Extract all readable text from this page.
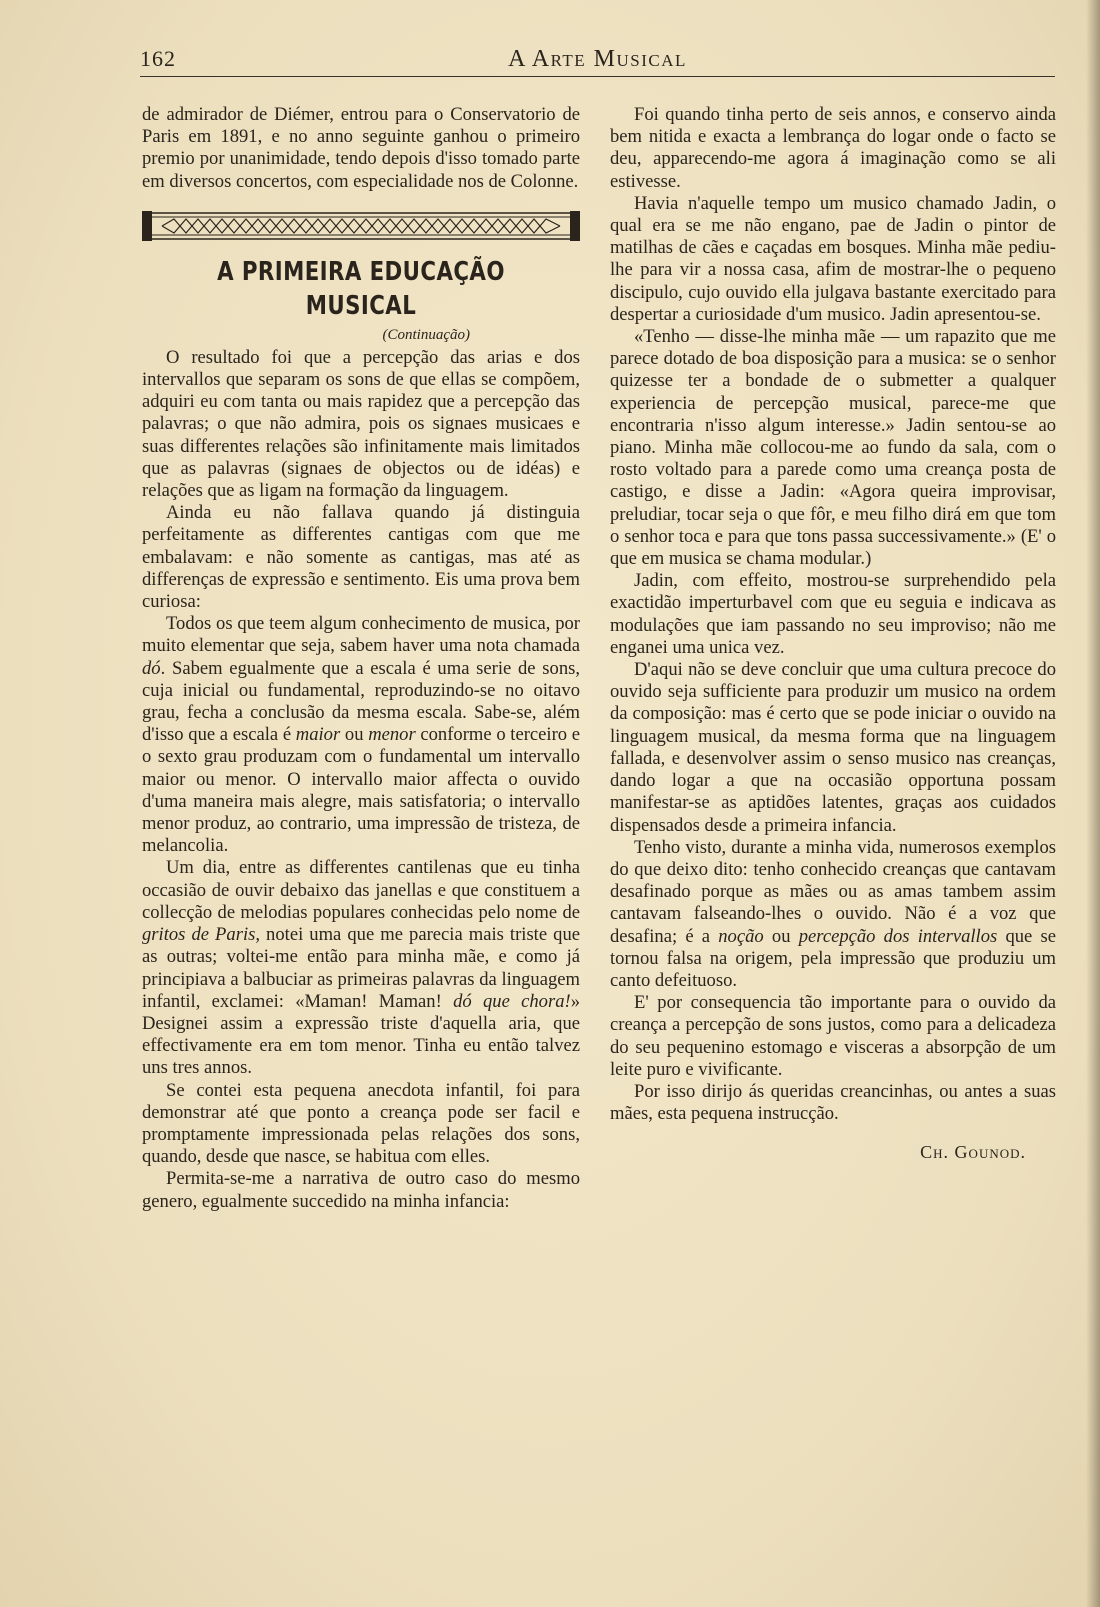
162	A Arte Musical

de admirador de Diémer, entrou para o Conservatorio de Paris em 1891, e no anno seguinte ganhou o primeiro premio por unanimidade, tendo depois d'isso tomado parte em diversos concertos, com especialidade nos de Colonne.

A PRIMEIRA EDUCAÇÃO MUSICAL
(Continuação)

O resultado foi que a percepção das arias e dos intervallos que separam os sons de que ellas se compõem, adquiri eu com tanta ou mais rapidez que a percepção das palavras; o que não admira, pois os signaes musicaes e suas differentes relações são infinitamente mais limitados que as palavras (signaes de objectos ou de idéas) e relações que as ligam na formação da linguagem.

Ainda eu não fallava quando já distinguia perfeitamente as differentes cantigas com que me embalavam: e não somente as cantigas, mas até as differenças de expressão e sentimento. Eis uma prova bem curiosa:

Todos os que teem algum conhecimento de musica, por muito elementar que seja, sabem haver uma nota chamada dó. Sabem egualmente que a escala é uma serie de sons, cuja inicial ou fundamental, reproduzindo-se no oitavo grau, fecha a conclusão da mesma escala. Sabe-se, além d'isso que a escala é maior ou menor conforme o terceiro e o sexto grau produzam com o fundamental um intervallo maior ou menor. O intervallo maior affecta o ouvido d'uma maneira mais alegre, mais satisfatoria; o intervallo menor produz, ao contrario, uma impressão de tristeza, de melancolia.

Um dia, entre as differentes cantilenas que eu tinha occasião de ouvir debaixo das janellas e que constituem a collecção de melodias populares conhecidas pelo nome de gritos de Paris, notei uma que me parecia mais triste que as outras; voltei-me então para minha mãe, e como já principiava a balbuciar as primeiras palavras da linguagem infantil, exclamei: «Maman! Maman! dó que chora!» Designei assim a expressão triste d'aquella aria, que effectivamente era em tom menor. Tinha eu então talvez uns tres annos.

Se contei esta pequena anecdota infantil, foi para demonstrar até que ponto a creança pode ser facil e promptamente impressionada pelas relações dos sons, quando, desde que nasce, se habitua com elles.

Permita-se-me a narrativa de outro caso do mesmo genero, egualmente succedido na minha infancia:

Foi quando tinha perto de seis annos, e conservo ainda bem nitida e exacta a lembrança do logar onde o facto se deu, apparecendo-me agora á imaginação como se ali estivesse.

Havia n'aquelle tempo um musico chamado Jadin, o qual era se me não engano, pae de Jadin o pintor de matilhas de cães e caçadas em bosques. Minha mãe pediu-lhe para vir a nossa casa, afim de mostrar-lhe o pequeno discipulo, cujo ouvido ella julgava bastante exercitado para despertar a curiosidade d'um musico. Jadin apresentou-se.

«Tenho — disse-lhe minha mãe — um rapazito que me parece dotado de boa disposição para a musica: se o senhor quizesse ter a bondade de o submetter a qualquer experiencia de percepção musical, parece-me que encontraria n'isso algum interesse.» Jadin sentou-se ao piano. Minha mãe collocou-me ao fundo da sala, com o rosto voltado para a parede como uma creança posta de castigo, e disse a Jadin: «Agora queira improvisar, preludiar, tocar seja o que fôr, e meu filho dirá em que tom o senhor toca e para que tons passa successivamente.» (E' o que em musica se chama modular.)

Jadin, com effeito, mostrou-se surprehendido pela exactidão imperturbavel com que eu seguia e indicava as modulações que iam passando no seu improviso; não me enganei uma unica vez.

D'aqui não se deve concluir que uma cultura precoce do ouvido seja sufficiente para produzir um musico na ordem da composição: mas é certo que se pode iniciar o ouvido na linguagem musical, da mesma forma que na linguagem fallada, e desenvolver assim o senso musico nas creanças, dando logar a que na occasião opportuna possam manifestar-se as aptidões latentes, graças aos cuidados dispensados desde a primeira infancia.

Tenho visto, durante a minha vida, numerosos exemplos do que deixo dito: tenho conhecido creanças que cantavam desafinado porque as mães ou as amas tambem assim cantavam falseando-lhes o ouvido. Não é a voz que desafina; é a noção ou percepção dos intervallos que se tornou falsa na origem, pela impressão que produziu um canto defeituoso.

E' por consequencia tão importante para o ouvido da creança a percepção de sons justos, como para a delicadeza do seu pequenino estomago e visceras a absorpção de um leite puro e vivificante.

Por isso dirijo ás queridas creancinhas, ou antes a suas mães, esta pequena instrucção.

Ch. Gounod.
